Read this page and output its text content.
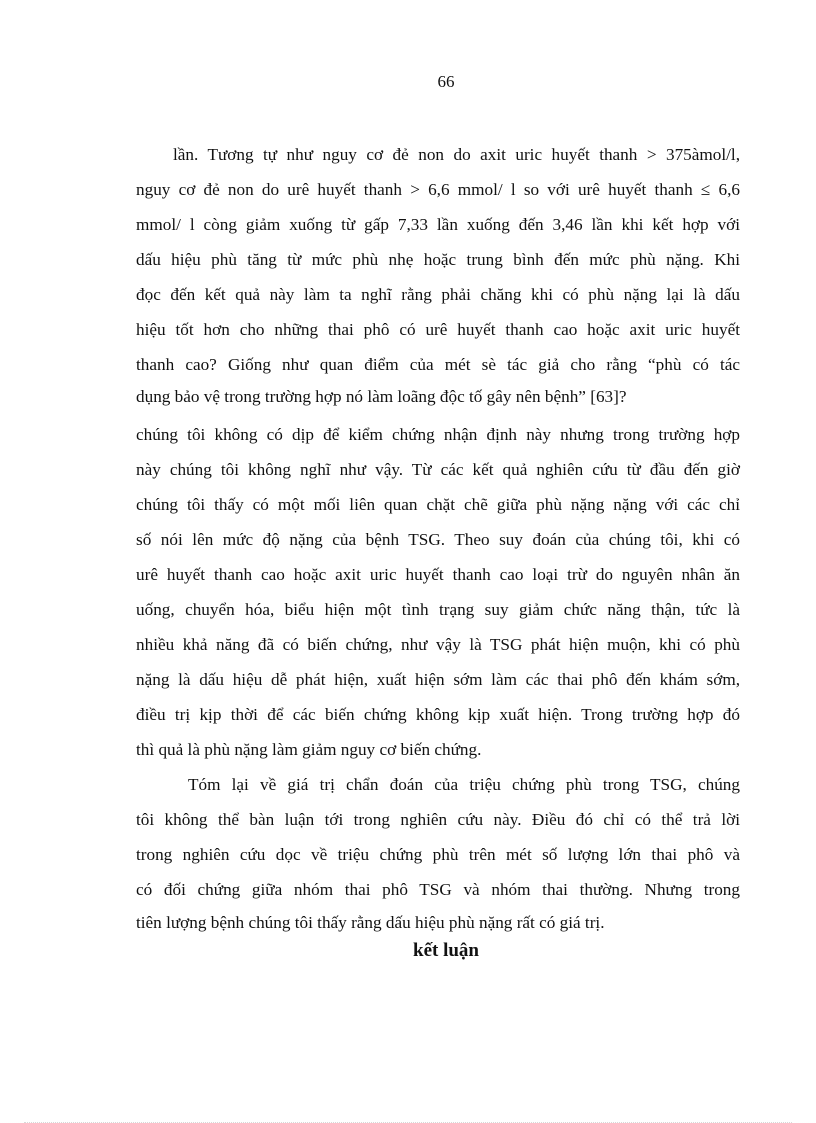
66
lần. Tương tự như nguy cơ đẻ non do axit uric huyết thanh > 375àmol/l,
nguy cơ đẻ non do urê huyết thanh > 6,6 mmol/ l so với urê huyết thanh ≤ 6,6
mmol/ l còng giảm xuống từ gấp 7,33 lần xuống đến 3,46 lần khi kết hợp với
dấu hiệu phù tăng từ mức phù nhẹ hoặc trung bình đến mức phù nặng. Khi
đọc đến kết quả này làm ta nghĩ rằng phải chăng khi có phù nặng lại là dấu
hiệu tốt hơn cho những thai phô có urê huyết thanh cao hoặc axit uric huyết
thanh cao? Giống như quan điểm của mét sè tác giả cho rằng “phù có tác
dụng bảo vệ trong trường hợp nó làm loãng độc tố gây nên bệnh” [63]?
chúng tôi không có dịp để kiểm chứng nhận định này nhưng trong trường hợp
này chúng tôi không nghĩ như vậy. Từ các kết quả nghiên cứu từ đầu đến giờ
chúng tôi thấy có một mối liên quan chặt chẽ giữa phù nặng nặng với các chỉ
số nói lên mức độ nặng của bệnh TSG. Theo suy đoán của chúng tôi, khi có
urê huyết thanh cao hoặc axit uric huyết thanh cao loại trừ do nguyên nhân ăn
uống, chuyển hóa, biểu hiện một tình trạng suy giảm chức năng thận, tức là
nhiều khả năng đã có biến chứng, như vậy là TSG phát hiện muộn, khi có phù
nặng là dấu hiệu dễ phát hiện, xuất hiện sớm làm các thai phô đến khám sớm,
điều trị kịp thời để các biến chứng không kịp xuất hiện. Trong trường hợp đó
thì quả là phù nặng làm giảm nguy cơ biến chứng.
Tóm lại về giá trị chẩn đoán của triệu chứng phù trong TSG, chúng
tôi không thể bàn luận tới trong nghiên cứu này. Điều đó chỉ có thể trả lời
trong nghiên cứu dọc về triệu chứng phù trên mét số lượng lớn thai phô và
có đối chứng giữa nhóm thai phô TSG và nhóm thai thường. Nhưng trong
tiên lượng bệnh chúng tôi thấy rằng dấu hiệu phù nặng rất có giá trị.
kết luận
